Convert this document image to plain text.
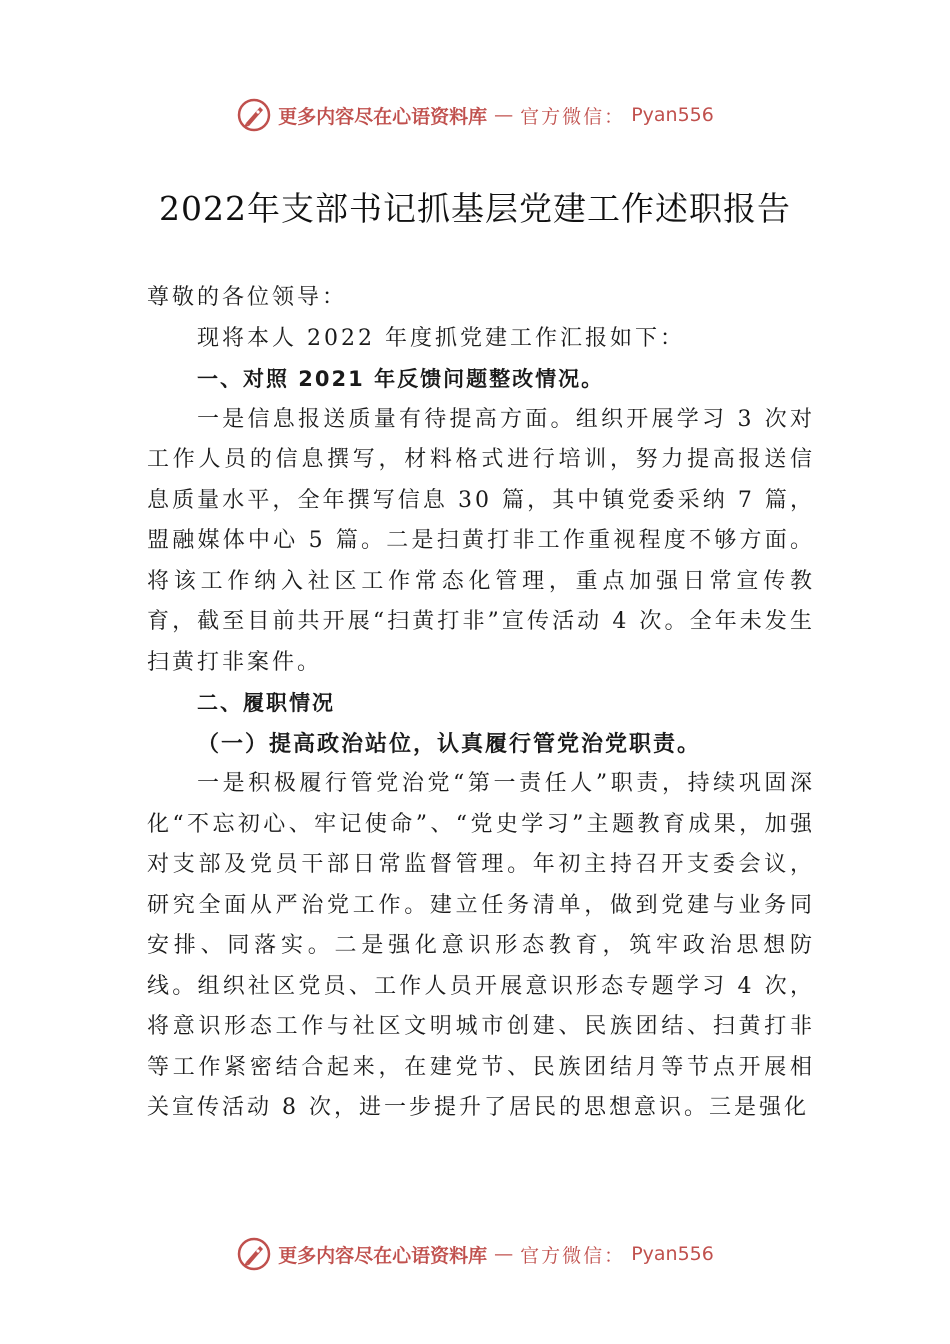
更多内容尽在心语资料库 — 官方微信： Pyan556
2022年支部书记抓基层党建工作述职报告

尊敬的各位领导：

现将本人 2022 年度抓党建工作汇报如下：

一、对照 2021 年反馈问题整改情况。

一是信息报送质量有待提高方面。组织开展学习 3 次对工作人员的信息撰写，材料格式进行培训，努力提高报送信息质量水平，全年撰写信息 30 篇，其中镇党委采纳 7 篇，盟融媒体中心 5 篇。二是扫黄打非工作重视程度不够方面。将该工作纳入社区工作常态化管理，重点加强日常宣传教育，截至目前共开展“扫黄打非”宣传活动 4 次。全年未发生扫黄打非案件。

二、履职情况

（一）提高政治站位，认真履行管党治党职责。

一是积极履行管党治党“第一责任人”职责，持续巩固深化“不忘初心、牢记使命”、“党史学习”主题教育成果，加强对支部及党员干部日常监督管理。年初主持召开支委会议，研究全面从严治党工作。建立任务清单，做到党建与业务同安排、同落实。二是强化意识形态教育，筑牢政治思想防线。组织社区党员、工作人员开展意识形态专题学习 4 次，将意识形态工作与社区文明城市创建、民族团结、扫黄打非等工作紧密结合起来，在建党节、民族团结月等节点开展相关宣传活动 8 次，进一步提升了居民的思想意识。三是强化

更多内容尽在心语资料库 — 官方微信： Pyan556
